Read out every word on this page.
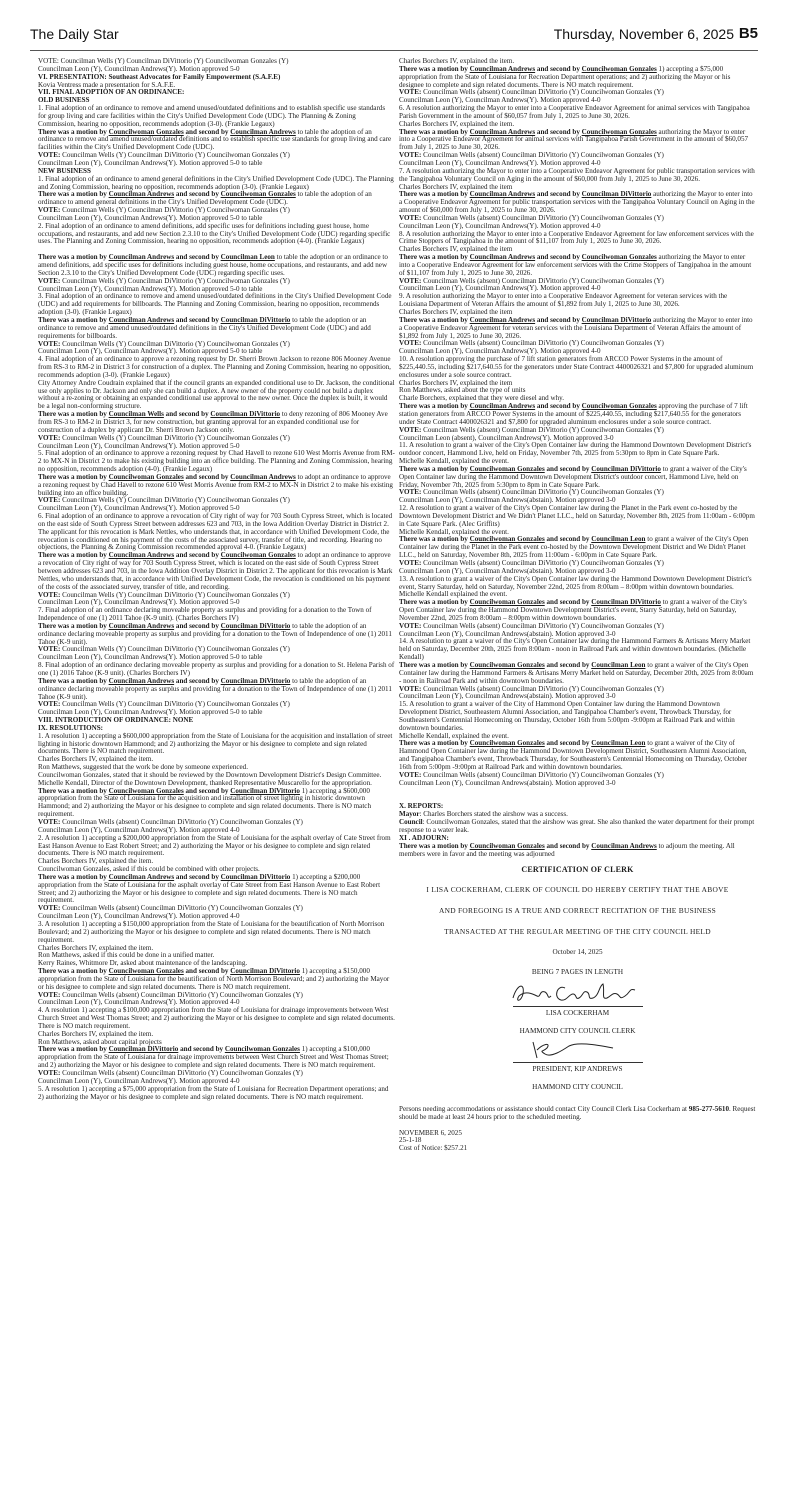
The Daily Star	Thursday, November 6, 2025 B5

VOTE: Councilman Wells (Y) Councilman DiVittorio (Y) Councilwoman Gonzales (Y)

Councilman Leon (Y), Councilman Andrews(Y). Motion approved 5-0

VI. PRESENTATION: Southeast Advocates for Family Empowerment (S.A.F.E)

Kovia Ventress made a presentation for S.A.F.E.

VII. FINAL ADOPTION OF AN ORDINANCE:

OLD BUSINESS

1. Final adoption of an ordinance to remove and amend unused/outdated definitions and to establish specific use standards for group living and care facilities within the City's Unified Development Code (UDC). The Planning & Zoning Commission, hearing no opposition, recommends adoption (3-0). (Frankie Legaux)

There was a motion by Councilwoman Gonzales and second by Councilman Andrews to table the adoption of an ordinance to remove and amend unused/outdated definitions and to establish specific use standards for group living and care facilities within the City's Unified Development Code (UDC).

VOTE: Councilman Wells (Y) Councilman DiVittorio (Y) Councilwoman Gonzales (Y)

Councilman Leon (Y), Councilman Andrews(Y). Motion approved 5-0 to table

NEW BUSINESS

1. Final adoption of an ordinance to amend general definitions in the City's Unified Development Code (UDC). The Planning and Zoning Commission, hearing no opposition, recommends adoption (3-0). (Frankie Legaux)

There was a motion by Councilman Andrews and second by Councilwoman Gonzales to table the adoption of an ordinance to amend general definitions in the City's Unified Development Code (UDC).

VOTE: Councilman Wells (Y) Councilman DiVittorio (Y) Councilwoman Gonzales (Y)

Councilman Leon (Y), Councilman Andrews(Y). Motion approved 5-0 to table

2. Final adoption of an ordinance to amend definitions, add specific uses for definitions including guest house, home occupations, and restaurants, and add new Section 2.3.10 to the City's Unified Development Code (UDC) regarding specific uses. The Planning and Zoning Commission, hearing no opposition, recommends adoption (4-0). (Frankie Legaux)

There was a motion by Councilman Andrews and second by Councilman Leon to table the adoption or an ordinance to amend definitions, add specific uses for definitions including guest house, home occupations, and restaurants, and add new Section 2.3.10 to the City's Unified Development Code (UDC) regarding specific uses.

VOTE: Councilman Wells (Y) Councilman DiVittorio (Y) Councilwoman Gonzales (Y)

Councilman Leon (Y), Councilman Andrews(Y). Motion approved 5-0 to table

3. Final adoption of an ordinance to remove and amend unused/outdated definitions in the City's Unified Development Code (UDC) and add requirements for billboards. The Planning and Zoning Commission, hearing no opposition, recommends adoption (3-0). (Frankie Legaux)

There was a motion by Councilman Andrews and second by Councilman DiVittorio to table the adoption or an ordinance to remove and amend unused/outdated definitions in the City's Unified Development Code (UDC) and add requirements for billboards.

VOTE: Councilman Wells (Y) Councilman DiVittorio (Y) Councilwoman Gonzales (Y)

Councilman Leon (Y), Councilman Andrews(Y). Motion approved 5-0 to table

4. Final adoption of an ordinance to approve a rezoning request by Dr. Sherri Brown Jackson to rezone 806 Mooney Avenue from RS-3 to RM-2 in District 3 for construction of a duplex. The Planning and Zoning Commission, hearing no opposition, recommends adoption (3-0). (Frankie Legaux)

City Attorney Andre Coudrain explained that if the council grants an expanded conditional use to Dr. Jackson, the conditional use only applies to Dr. Jackson and only she can build a duplex. A new owner of the property could not build a duplex without a re-zoning or obtaining an expanded conditional use approval to the new owner. Once the duplex is built, it would be a legal non-conforming structure.

There was a motion by Councilman Wells and second by Councilman DiVittorio to deny rezoning of 806 Mooney Ave from RS-3 to RM-2 in District 3, for new construction, but granting approval for an expanded conditional use for construction of a duplex by applicant Dr. Sherri Brown Jackson only.

VOTE: Councilman Wells (Y) Councilman DiVittorio (Y) Councilwoman Gonzales (Y)

Councilman Leon (Y), Councilman Andrews(Y). Motion approved 5-0

5. Final adoption of an ordinance to approve a rezoning request by Chad Havell to rezone 610 West Morris Avenue from RM-2 to MX-N in District 2 to make his existing building into an office building. The Planning and Zoning Commission, hearing no opposition, recommends adoption (4-0). (Frankie Legaux)

There was a motion by Councilwoman Gonzales and second by Councilman Andrews to adopt an ordinance to approve a rezoning request by Chad Havell to rezone 610 West Morris Avenue from RM-2 to MX-N in District 2 to make his existing building into an office building.

VOTE: Councilman Wells (Y) Councilman DiVittorio (Y) Councilwoman Gonzales (Y)

Councilman Leon (Y), Councilman Andrews(Y). Motion approved 5-0

6. Final adoption of an ordinance to approve a revocation of City right of way for 703 South Cypress Street, which is located on the east side of South Cypress Street between addresses 623 and 703, in the Iowa Addition Overlay District in District 2. The applicant for this revocation is Mark Nettles, who understands that, in accordance with Unified Development Code, the revocation is conditioned on his payment of the costs of the associated survey, transfer of title, and recording. Hearing no objections, the Planning & Zoning Commission recommended approval 4-0. (Frankie Legaux)

There was a motion by Councilman Andrews and second by Councilwoman Gonzales to adopt an ordinance to approve a revocation of City right of way for 703 South Cypress Street, which is located on the east side of South Cypress Street between addresses 623 and 703, in the Iowa Addition Overlay District in District 2. The applicant for this revocation is Mark Nettles, who understands that, in accordance with Unified Development Code, the revocation is conditioned on his payment of the costs of the associated survey, transfer of title, and recording.

VOTE: Councilman Wells (Y) Councilman DiVittorio (Y) Councilwoman Gonzales (Y)

Councilman Leon (Y), Councilman Andrews(Y). Motion approved 5-0

7. Final adoption of an ordinance declaring moveable property as surplus and providing for a donation to the Town of Independence of one (1) 2011 Tahoe (K-9 unit). (Charles Borchers IV)

There was a motion by Councilman Andrews and second by Councilman DiVittorio to table the adoption of an ordinance declaring moveable property as surplus and providing for a donation to the Town of Independence of one (1) 2011 Tahoe (K-9 unit).

VOTE: Councilman Wells (Y) Councilman DiVittorio (Y) Councilwoman Gonzales (Y)

Councilman Leon (Y), Councilman Andrews(Y). Motion approved 5-0 to table

8. Final adoption of an ordinance declaring moveable property as surplus and providing for a donation to St. Helena Parish of one (1) 2016 Tahoe (K-9 unit). (Charles Borchers IV)

There was a motion by Councilman Andrews and second by Councilman DiVittorio to table the adoption of an ordinance declaring moveable property as surplus and providing for a donation to the Town of Independence of one (1) 2011 Tahoe (K-9 unit).

VOTE: Councilman Wells (Y) Councilman DiVittorio (Y) Councilwoman Gonzales (Y)

Councilman Leon (Y), Councilman Andrews(Y). Motion approved 5-0 to table

VIII. INTRODUCTION OF ORDINANCE: NONE

IX. RESOLUTIONS:

1. A resolution 1) accepting a $600,000 appropriation from the State of Louisiana for the acquisition and installation of street lighting in historic downtown Hammond; and 2) authorizing the Mayor or his designee to complete and sign related documents. There is NO match requirement.

Charles Borchers IV, explained the item.

Ron Matthews, suggested that the work be done by someone experienced.

Councilwoman Gonzales, stated that it should be reviewed by the Downtown Development District's Design Committee.

Michelle Kendall, Director of the Downtown Development, thanked Representative Muscarello for the appropriation.

There was a motion by Councilwoman Gonzales and second by Councilman DiVittorio 1) accepting a $600,000 appropriation from the State of Louisiana for the acquisition and installation of street lighting in historic downtown Hammond; and 2) authorizing the Mayor or his designee to complete and sign related documents. There is NO match requirement.

VOTE: Councilman Wells (absent) Councilman DiVittorio (Y) Councilwoman Gonzales (Y)

Councilman Leon (Y), Councilman Andrews(Y). Motion approved 4-0

2. A resolution 1) accepting a $200,000 appropriation from the State of Louisiana for the asphalt overlay of Cate Street from East Hanson Avenue to East Robert Street; and 2) authorizing the Mayor or his designee to complete and sign related documents. There is NO match requirement.

Charles Borchers IV, explained the item.

Councilwoman Gonzales, asked if this could be combined with other projects.

There was a motion by Councilman Andrews and second by Councilman DiVittorio 1) accepting a $200,000 appropriation from the State of Louisiana for the asphalt overlay of Cate Street from East Hanson Avenue to East Robert Street; and 2) authorizing the Mayor or his designee to complete and sign related documents. There is NO match requirement.

VOTE: Councilman Wells (absent) Councilman DiVittorio (Y) Councilwoman Gonzales (Y)

Councilman Leon (Y), Councilman Andrews(Y). Motion approved 4-0

3. A resolution 1) accepting a $150,000 appropriation from the State of Louisiana for the beautification of North Morrison Boulevard; and 2) authorizing the Mayor or his designee to complete and sign related documents. There is NO match requirement.

Charles Borchers IV, explained the item.

Ron Matthews, asked if this could be done in a unified matter.

Kerry Raines, Whitmore Dr, asked about maintenance of the landscaping.

There was a motion by Councilwoman Gonzales and second by Councilman DiVittorio 1) accepting a $150,000 appropriation from the State of Louisiana for the beautification of North Morrison Boulevard; and 2) authorizing the Mayor or his designee to complete and sign related documents. There is NO match requirement.

VOTE: Councilman Wells (absent) Councilman DiVittorio (Y) Councilwoman Gonzales (Y)

Councilman Leon (Y), Councilman Andrews(Y). Motion approved 4-0

4. A resolution 1) accepting a $100,000 appropriation from the State of Louisiana for drainage improvements between West Church Street and West Thomas Street; and 2) authorizing the Mayor or his designee to complete and sign related documents. There is NO match requirement.

Charles Borchers IV, explained the item.

Ron Matthews, asked about capital projects

There was a motion by Councilman DiVittorio and second by Councilwoman Gonzales 1) accepting a $100,000 appropriation from the State of Louisiana for drainage improvements between West Church Street and West Thomas Street; and 2) authorizing the Mayor or his designee to complete and sign related documents. There is NO match requirement.

VOTE: Councilman Wells (absent) Councilman DiVittorio (Y) Councilwoman Gonzales (Y)

Councilman Leon (Y), Councilman Andrews(Y). Motion approved 4-0

5. A resolution 1) accepting a $75,000 appropriation from the State of Louisiana for Recreation Department operations; and 2) authorizing the Mayor or his designee to complete and sign related documents. There is NO match requirement.

Charles Borchers IV, explained the item.

There was a motion by Councilman Andrews and second by Councilwoman Gonzales 1) accepting a $75,000 appropriation from the State of Louisiana for Recreation Department operations; and 2) authorizing the Mayor or his designee to complete and sign related documents. There is NO match requirement.

VOTE: Councilman Wells (absent) Councilman DiVittorio (Y) Councilwoman Gonzales (Y)

Councilman Leon (Y), Councilman Andrews(Y). Motion approved 4-0

6. A resolution authorizing the Mayor to enter into a Cooperative Endeavor Agreement for animal services with Tangipahoa Parish Government in the amount of $60,057 from July 1, 2025 to June 30, 2026.

Charles Borchers IV, explained the item.

There was a motion by Councilman Andrews and second by Councilwoman Gonzales authorizing the Mayor to enter into a Cooperative Endeavor Agreement for animal services with Tangipahoa Parish Government in the amount of $60,057 from July 1, 2025 to June 30, 2026.

VOTE: Councilman Wells (absent) Councilman DiVittorio (Y) Councilwoman Gonzales (Y)

Councilman Leon (Y), Councilman Andrews(Y). Motion approved 4-0

7. A resolution authorizing the Mayor to enter into a Cooperative Endeavor Agreement for public transportation services with the Tangipahoa Voluntary Council on Aging in the amount of $60,000 from July 1, 2025 to June 30, 2026.

Charles Borchers IV, explained the item

There was a motion by Councilman Andrews and second by Councilman DiVittorio authorizing the Mayor to enter into a Cooperative Endeavor Agreement for public transportation services with the Tangipahoa Voluntary Council on Aging in the amount of $60,000 from July 1, 2025 to June 30, 2026.

VOTE: Councilman Wells (absent) Councilman DiVittorio (Y) Councilwoman Gonzales (Y)

Councilman Leon (Y), Councilman Andrews(Y). Motion approved 4-0

8. A resolution authorizing the Mayor to enter into a Cooperative Endeavor Agreement for law enforcement services with the Crime Stoppers of Tangipahoa in the amount of $11,107 from July 1, 2025 to June 30, 2026.

Charles Borchers IV, explained the item

There was a motion by Councilman Andrews and second by Councilwoman Gonzales authorizing the Mayor to enter into a Cooperative Endeavor Agreement for law enforcement services with the Crime Stoppers of Tangipahoa in the amount of $11,107 from July 1, 2025 to June 30, 2026.

VOTE: Councilman Wells (absent) Councilman DiVittorio (Y) Councilwoman Gonzales (Y)

Councilman Leon (Y), Councilman Andrews(Y). Motion approved 4-0

9. A resolution authorizing the Mayor to enter into a Cooperative Endeavor Agreement for veteran services with the Louisiana Department of Veteran Affairs the amount of $1,892 from July 1, 2025 to June 30, 2026.

Charles Borchers IV, explained the item

There was a motion by Councilman Andrews and second by Councilman DiVittorio authorizing the Mayor to enter into a Cooperative Endeavor Agreement for veteran services with the Louisiana Department of Veteran Affairs the amount of $1,892 from July 1, 2025 to June 30, 2026.

VOTE: Councilman Wells (absent) Councilman DiVittorio (Y) Councilwoman Gonzales (Y)

Councilman Leon (Y), Councilman Andrews(Y). Motion approved 4-0

10. A resolution approving the purchase of 7 lift station generators from ARCCO Power Systems in the amount of $225,440.55, including $217,640.55 for the generators under State Contract 4400026321 and $7,800 for upgraded aluminum enclosures under a sole source contract.

Charles Borchers IV, explained the item

Ron Matthews, asked about the type of units

Charle Borchers, explained that they were diesel and why.

There was a motion by Councilman Andrews and second by Councilwoman Gonzales approving the purchase of 7 lift station generators from ARCCO Power Systems in the amount of $225,440.55, including $217,640.55 for the generators under State Contract 4400026321 and $7,800 for upgraded aluminum enclosures under a sole source contract.

VOTE: Councilman Wells (absent) Councilman DiVittorio (Y) Councilwoman Gonzales (Y)

Councilman Leon (absent), Councilman Andrews(Y). Motion approved 3-0

11. A resolution to grant a waiver of the City's Open Container law during the Hammond Downtown Development District's outdoor concert, Hammond Live, held on Friday, November 7th, 2025 from 5:30pm to 8pm in Cate Square Park.

Michelle Kendall, explained the event.

There was a motion by Councilwoman Gonzales and second by Councilman DiVittorio to grant a waiver of the City's Open Container law during the Hammond Downtown Development District's outdoor concert, Hammond Live, held on Friday, November 7th, 2025 from 5:30pm to 8pm in Cate Square Park.

VOTE: Councilman Wells (absent) Councilman DiVittorio (Y) Councilwoman Gonzales (Y)

Councilman Leon (Y), Councilman Andrews(abstain). Motion approved 3-0

12. A resolution to grant a waiver of the City's Open Container law during the Planet in the Park event co-hosted by the Downtown Development District and We Didn't Planet LLC., held on Saturday, November 8th, 2025 from 11:00am - 6:00pm in Cate Square Park. (Alec Griffits)

Michelle Kendall, explained the event.

There was a motion by Councilwoman Gonzales and second by Councilman Leon to grant a waiver of the City's Open Container law during the Planet in the Park event co-hosted by the Downtown Development District and We Didn't Planet LLC., held on Saturday, November 8th, 2025 from 11:00am - 6:00pm in Cate Square Park.

VOTE: Councilman Wells (absent) Councilman DiVittorio (Y) Councilwoman Gonzales (Y)

Councilman Leon (Y), Councilman Andrews(abstain). Motion approved 3-0

13. A resolution to grant a waiver of the City's Open Container law during the Hammond Downtown Development District's event, Starry Saturday, held on Saturday, November 22nd, 2025 from 8:00am – 8:00pm within downtown boundaries.

Michelle Kendall explained the event.

There was a motion by Councilwoman Gonzales and second by Councilman DiVittorio to grant a waiver of the City's Open Container law during the Hammond Downtown Development District's event, Starry Saturday, held on Saturday, November 22nd, 2025 from 8:00am – 8:00pm within downtown boundaries.

VOTE: Councilman Wells (absent) Councilman DiVittorio (Y) Councilwoman Gonzales (Y)

Councilman Leon (Y), Councilman Andrews(abstain). Motion approved 3-0

14. A resolution to grant a waiver of the City's Open Container law during the Hammond Farmers & Artisans Merry Market held on Saturday, December 20th, 2025 from 8:00am - noon in Railroad Park and within downtown boundaries. (Michelle Kendall)

There was a motion by Councilwoman Gonzales and second by Councilman Leon to grant a waiver of the City's Open Container law during the Hammond Farmers & Artisans Merry Market held on Saturday, December 20th, 2025 from 8:00am - noon in Railroad Park and within downtown boundaries.

VOTE: Councilman Wells (absent) Councilman DiVittorio (Y) Councilwoman Gonzales (Y)

Councilman Leon (Y), Councilman Andrews(abstain). Motion approved 3-0

15. A resolution to grant a waiver of the City of Hammond Open Container law during the Hammond Downtown Development District, Southeastern Alumni Association, and Tangipahoa Chamber's event, Throwback Thursday, for Southeastern's Centennial Homecoming on Thursday, October 16th from 5:00pm -9:00pm at Railroad Park and within downtown boundaries.

Michelle Kendall, explained the event.

There was a motion by Councilwoman Gonzales and second by Councilman Leon to grant a waiver of the City of Hammond Open Container law during the Hammond Downtown Development District, Southeastern Alumni Association, and Tangipahoa Chamber's event, Throwback Thursday, for Southeastern's Centennial Homecoming on Thursday, October 16th from 5:00pm -9:00pm at Railroad Park and within downtown boundaries.

VOTE: Councilman Wells (absent) Councilman DiVittorio (Y) Councilwoman Gonzales (Y)

Councilman Leon (Y), Councilman Andrews(abstain). Motion approved 3-0

X. REPORTS:

Mayor: Charles Borchers stated the airshow was a success.

Council: Councilwoman Gonzales, stated that the airshow was great. She also thanked the water department for their prompt response to a water leak.

XI . ADJOURN:

There was a motion by Councilwoman Gonzales and second by Councilman Andrews to adjourn the meeting. All members were in favor and the meeting was adjourned

CERTIFICATION OF CLERK

I LISA COCKERHAM, CLERK OF COUNCIL DO HEREBY CERTIFY THAT THE ABOVE

AND FOREGOING IS A TRUE AND CORRECT RECITATION OF THE BUSINESS

TRANSACTED AT THE REGULAR MEETING OF THE CITY COUNCIL HELD

October 14, 2025

BEING 7 PAGES IN LENGTH

LISA COCKERHAM

HAMMOND CITY COUNCIL CLERK

PRESIDENT, KIP ANDREWS

HAMMOND CITY COUNCIL

Persons needing accommodations or assistance should contact City Council Clerk Lisa Cockerham at 985-277-5610. Request should be made at least 24 hours prior to the scheduled meeting.

NOVEMBER 6, 2025

25-1-18

Cost of Notice: $257.21
